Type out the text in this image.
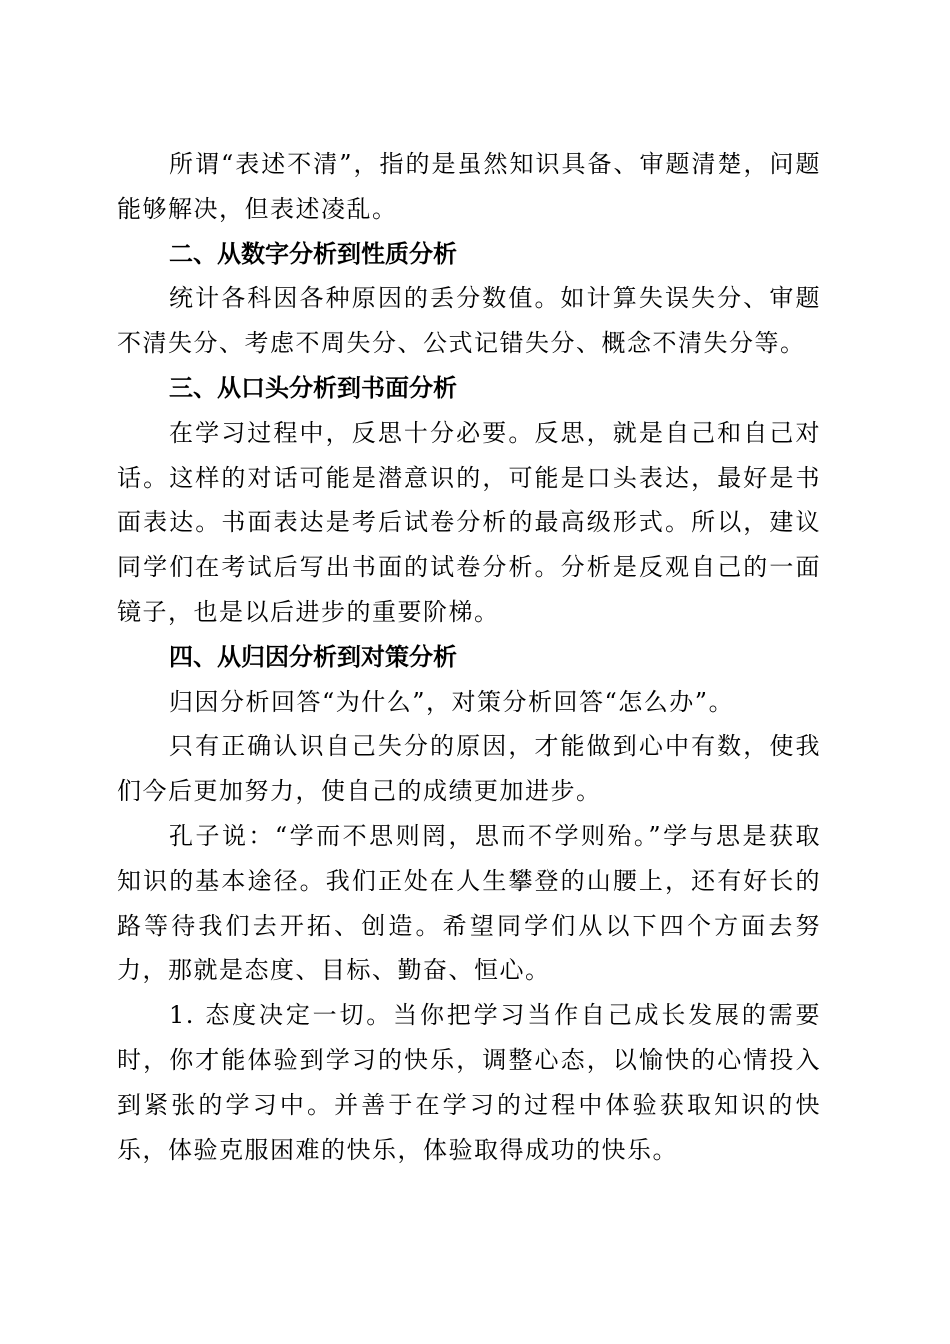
所谓“表述不清”，指的是虽然知识具备、审题清楚，问题能够解决，但表述凌乱。

二、从数字分析到性质分析

统计各科因各种原因的丢分数值。如计算失误失分、审题不清失分、考虑不周失分、公式记错失分、概念不清失分等。

三、从口头分析到书面分析

在学习过程中，反思十分必要。反思，就是自己和自己对话。这样的对话可能是潜意识的，可能是口头表达，最好是书面表达。书面表达是考后试卷分析的最高级形式。所以，建议同学们在考试后写出书面的试卷分析。分析是反观自己的一面镜子，也是以后进步的重要阶梯。

四、从归因分析到对策分析

归因分析回答“为什么”，对策分析回答“怎么办”。

只有正确认识自己失分的原因，才能做到心中有数，使我们今后更加努力，使自己的成绩更加进步。

孔子说：“学而不思则罔，思而不学则殆。”学与思是获取知识的基本途径。我们正处在人生攀登的山腰上，还有好长的路等待我们去开拓、创造。希望同学们从以下四个方面去努力，那就是态度、目标、勤奋、恒心。

1. 态度决定一切。当你把学习当作自己成长发展的需要时，你才能体验到学习的快乐，调整心态，以愉快的心情投入到紧张的学习中。并善于在学习的过程中体验获取知识的快乐，体验克服困难的快乐，体验取得成功的快乐。
